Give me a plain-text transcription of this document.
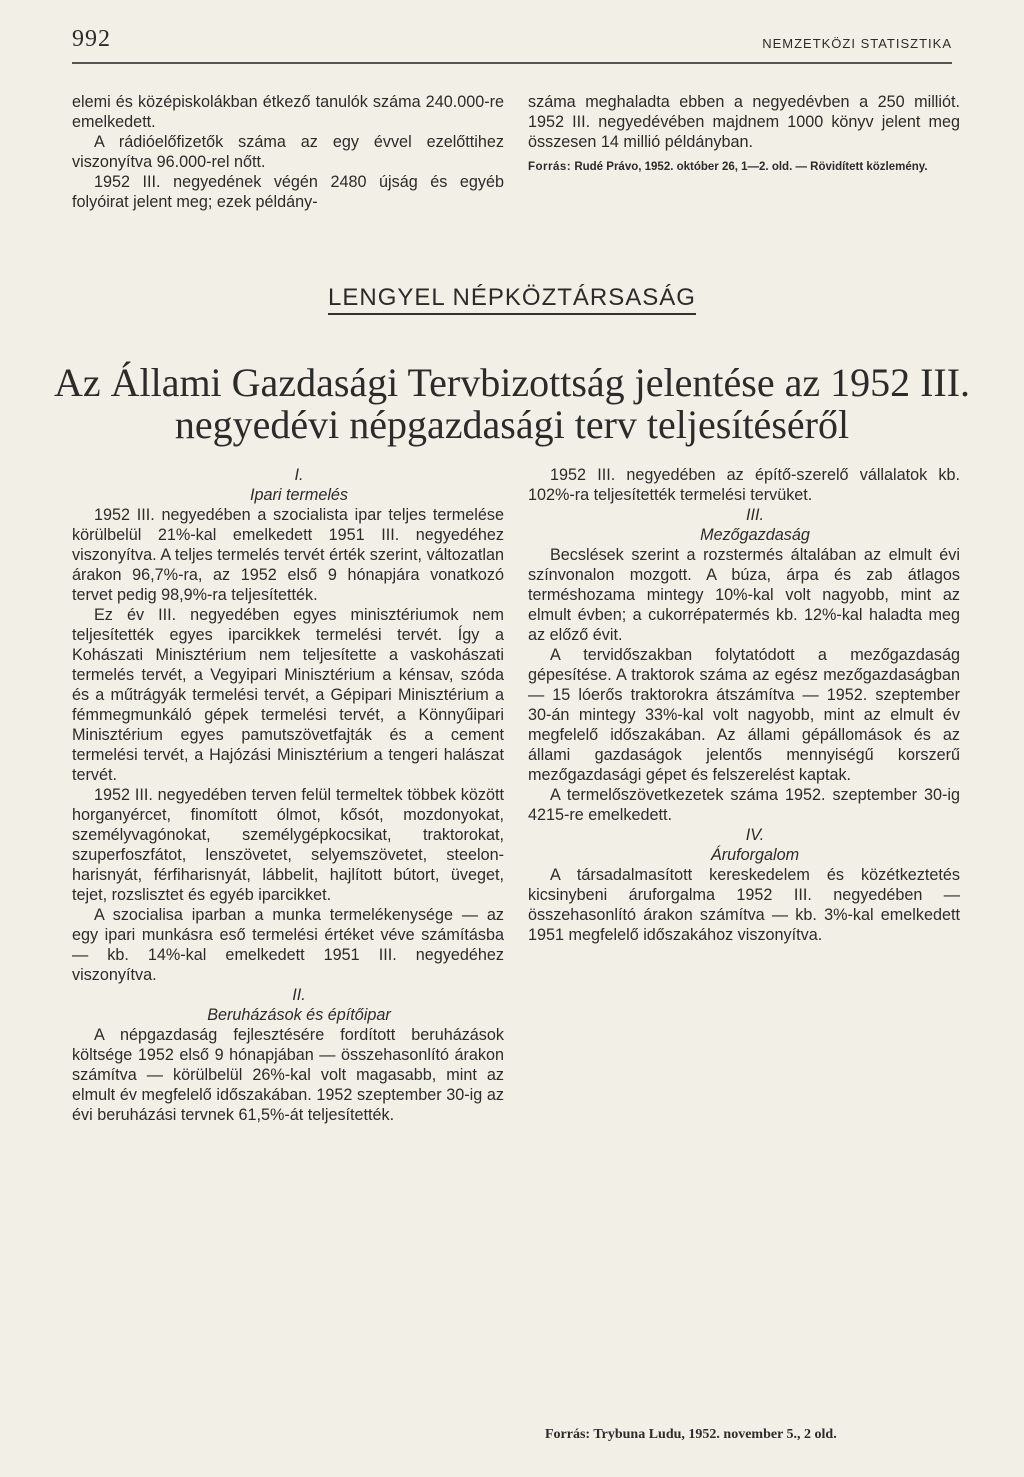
992	NEMZETKÖZI STATISZTIKA

elemi és középiskolákban étkező tanulók száma 240.000-re emelkedett.

A rádióelőfizetők száma az egy évvel ezelőttihez viszonyítva 96.000-rel nőtt.

1952 III. negyedének végén 2480 újság és egyéb folyóirat jelent meg; ezek példány-

száma meghaladta ebben a negyedévben a 250 milliót. 1952 III. negyedévében majdnem 1000 könyv jelent meg összesen 14 millió példányban.

Forrás: Rudé Právo, 1952. október 26, 1—2. old. — Rövidített közlemény.
LENGYEL NÉPKÖZTÁRSASÁG
Az Állami Gazdasági Tervbizottság jelentése az 1952 III.
negyedévi népgazdasági terv teljesítéséről

I.

Ipari termelés

1952 III. negyedében a szocialista ipar teljes termelése körülbelül 21%-kal emelkedett 1951 III. negyedéhez viszonyítva. A teljes termelés tervét érték szerint, változatlan árakon 96,7%-ra, az 1952 első 9 hónapjára vonatkozó tervet pedig 98,9%-ra teljesítették.

Ez év III. negyedében egyes minisztériumok nem teljesítették egyes iparcikkek termelési tervét. Így a Kohászati Minisztérium nem teljesítette a vaskohászati termelés tervét, a Vegyipari Minisztérium a kénsav, szóda és a műtrágyák termelési tervét, a Gépipari Minisztérium a fémmegmunkáló gépek termelési tervét, a Könnyűipari Minisztérium egyes pamutszövetfajták és a cement termelési tervét, a Hajózási Minisztérium a tengeri halászat tervét.

1952 III. negyedében terven felül termeltek többek között horganyércet, finomított ólmot, kősót, mozdonyokat, személyvagónokat, személygépkocsikat, traktorokat, szuperfoszfátot, lenszövetet, selyemszövetet, steelon-harisnyát, férfiharisnyát, lábbelit, hajlított bútort, üveget, tejet, rozslisztet és egyéb iparcikket.

A szocialisa iparban a munka termelékenysége — az egy ipari munkásra eső termelési értéket véve számításba — kb. 14%-kal emelkedett 1951 III. negyedéhez viszonyítva.

II.

Beruházások és építőipar

A népgazdaság fejlesztésére fordított beruházások költsége 1952 első 9 hónapjában — összehasonlító árakon számítva — körülbelül 26%-kal volt magasabb, mint az elmult év megfelelő időszakában. 1952 szeptember 30-ig az évi beruházási tervnek 61,5%-át teljesítették.

1952 III. negyedében az építő-szerelő vállalatok kb. 102%-ra teljesítették termelési tervüket.

III.

Mezőgazdaság

Becslések szerint a rozstermés általában az elmult évi színvonalon mozgott. A búza, árpa és zab átlagos terméshozama mintegy 10%-kal volt nagyobb, mint az elmult évben; a cukorrépatermés kb. 12%-kal haladta meg az előző évit.

A tervidőszakban folytatódott a mezőgazdaság gépesítése. A traktorok száma az egész mezőgazdaságban — 15 lóerős traktorokra átszámítva — 1952. szeptember 30-án mintegy 33%-kal volt nagyobb, mint az elmult év megfelelő időszakában. Az állami gépállomások és az állami gazdaságok jelentős mennyiségű korszerű mezőgazdasági gépet és felszerelést kaptak.

A termelőszövetkezetek száma 1952. szeptember 30-ig 4215-re emelkedett.

IV.

Áruforgalom

A társadalmasított kereskedelem és közétkeztetés kicsinybeni áruforgalma 1952 III. negyedében — összehasonlító árakon számítva — kb. 3%-kal emelkedett 1951 megfelelő időszakához viszonyítva.

Forrás: Trybuna Ludu, 1952. november 5., 2 old.
